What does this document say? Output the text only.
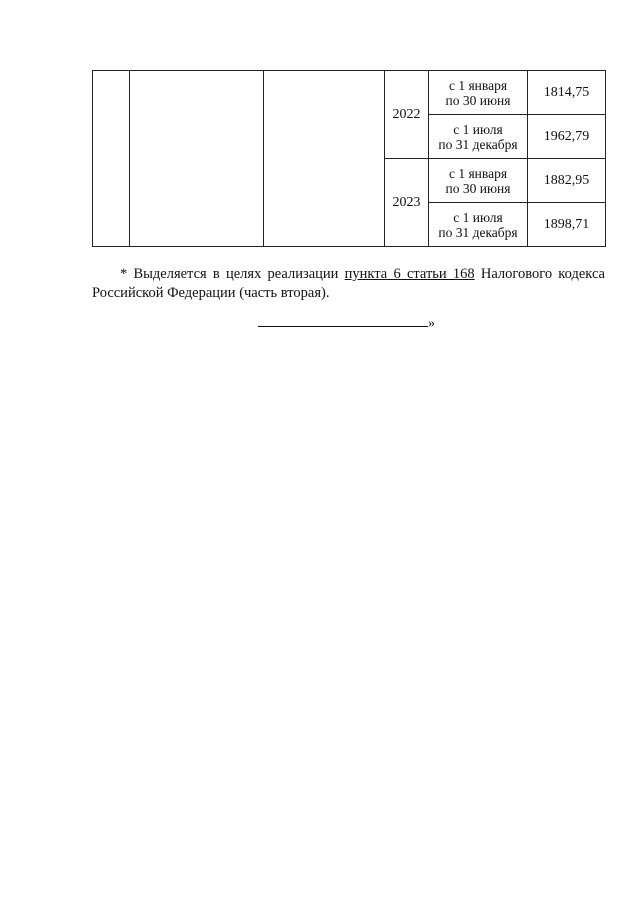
			2022	с 1 января
по 30 июня	1814,75

				с 1 июля
по 31 декабря	1962,79
			2023	с 1 января
по 30 июня	1882,95

				с 1 июля
по 31 декабря	1898,71

* Выделяется в целях реализации пункта 6 статьи 168 Налогового кодекса Российской Федерации (часть вторая).

»
